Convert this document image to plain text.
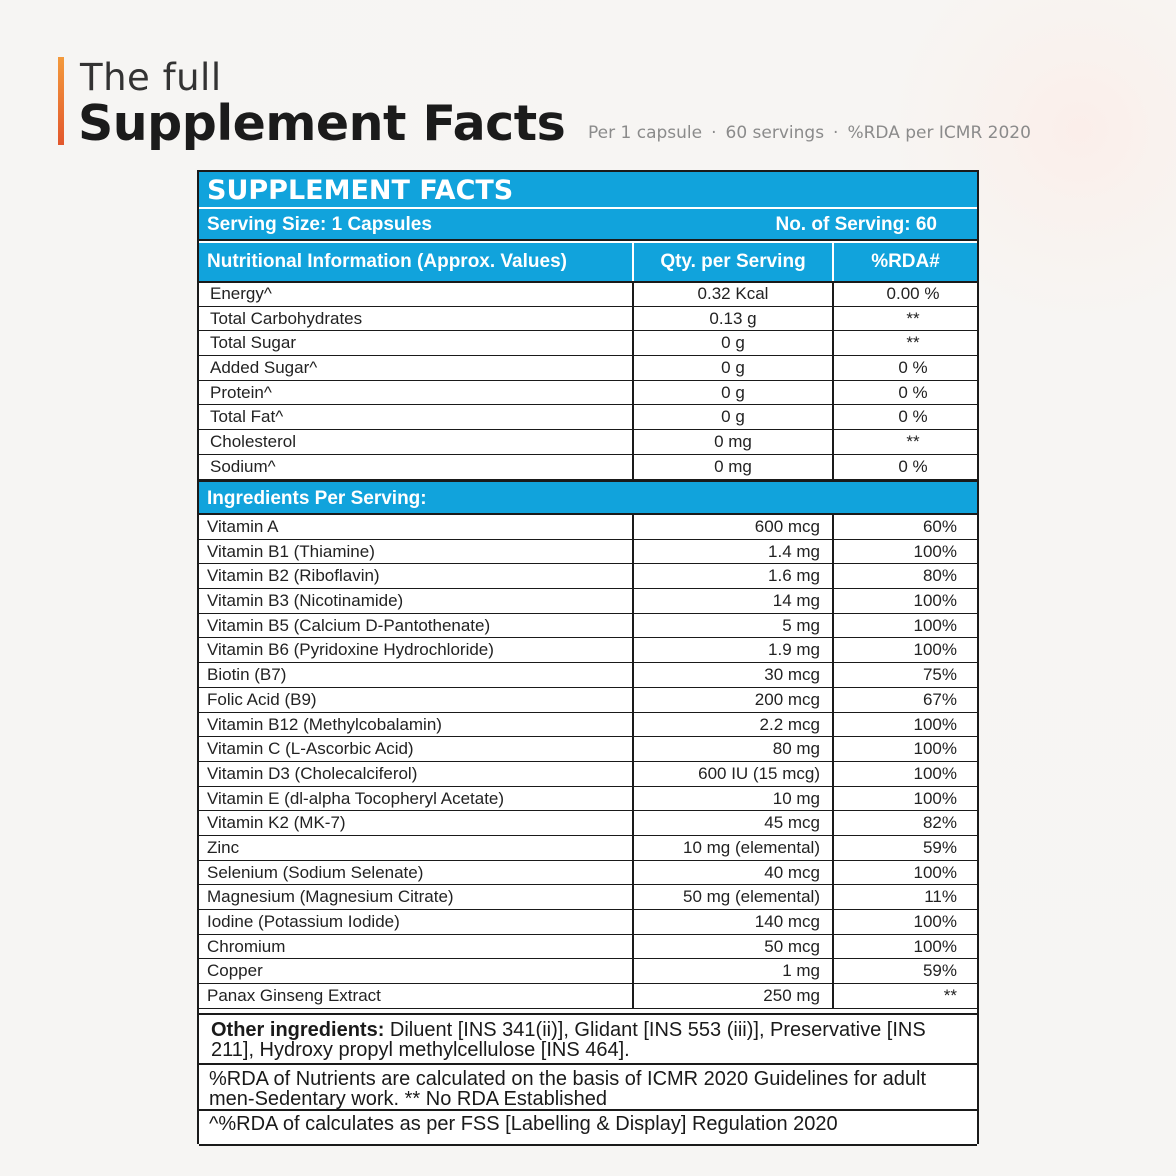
The full
Supplement Facts Per 1 capsule · 60 servings · %RDA per ICMR 2020
SUPPLEMENT FACTS
Serving Size: 1 Capsules	No. of Serving: 60
Nutritional Information (Approx. Values)	Qty. per Serving	%RDA#
Energy^	0.32 Kcal	0.00 %
Total Carbohydrates	0.13 g	**
Total Sugar	0 g	**
Added Sugar^	0 g	0 %
Protein^	0 g	0 %
Total Fat^	0 g	0 %
Cholesterol	0 mg	**
Sodium^	0 mg	0 %
Ingredients Per Serving:
Vitamin A	600 mcg	60%
Vitamin B1 (Thiamine)	1.4 mg	100%
Vitamin B2 (Riboflavin)	1.6 mg	80%
Vitamin B3 (Nicotinamide)	14 mg	100%
Vitamin B5 (Calcium D-Pantothenate)	5 mg	100%
Vitamin B6 (Pyridoxine Hydrochloride)	1.9 mg	100%
Biotin (B7)	30 mcg	75%
Folic Acid (B9)	200 mcg	67%
Vitamin B12 (Methylcobalamin)	2.2 mcg	100%
Vitamin C (L-Ascorbic Acid)	80 mg	100%
Vitamin D3 (Cholecalciferol)	600 IU (15 mcg)	100%
Vitamin E (dl-alpha Tocopheryl Acetate)	10 mg	100%
Vitamin K2 (MK-7)	45 mcg	82%
Zinc	10 mg (elemental)	59%
Selenium (Sodium Selenate)	40 mcg	100%
Magnesium (Magnesium Citrate)	50 mg (elemental)	11%
Iodine (Potassium Iodide)	140 mcg	100%
Chromium	50 mcg	100%
Copper	1 mg	59%
Panax Ginseng Extract	250 mg	**
Other ingredients: Diluent [INS 341(ii)], Glidant [INS 553 (iii)], Preservative [INS 211], Hydroxy propyl methylcellulose [INS 464].
%RDA of Nutrients are calculated on the basis of ICMR 2020 Guidelines for adult men-Sedentary work. ** No RDA Established
^%RDA of calculates as per FSS [Labelling & Display] Regulation 2020
